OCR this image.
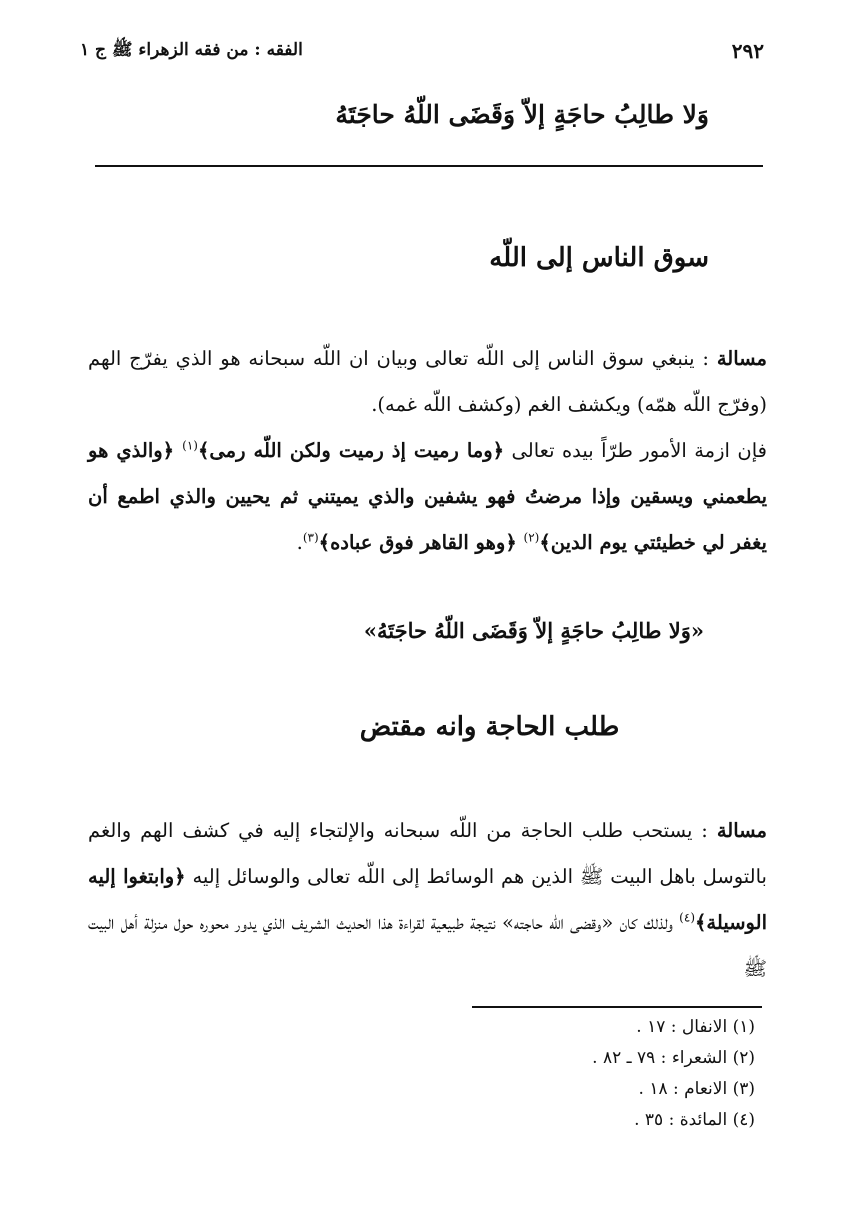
الفقه : من فقه الزهراء ﷺ ج ١	٢٩٢
وَلا طالِبُ حاجَةٍ إلاّ وَقَضَى اللّهُ حاجَتَهُ
سوق الناس إلى اللّه

مسالة : ينبغي سوق الناس إلى اللّه تعالى وبيان ان اللّه سبحانه هو الذي يفرّج الهم (وفرّج اللّه همّه) ويكشف الغم (وكشف اللّه غمه).

فإن ازمة الأمور طرّاً بيده تعالى ﴿وما رميت إذ رميت ولكن اللّه رمى﴾$^{(١)}$ ﴿والذي هو يطعمني ويسقين وإذا مرضتُ فهو يشفين والذي يميتني ثم يحيين والذي اطمع أن يغفر لي خطيئتي يوم الدين﴾$^{(٢)}$ ﴿وهو القاهر فوق عباده﴾$^{(٣)}$.

«وَلا طالِبُ حاجَةٍ إلاّ وَقَضَى اللّهُ حاجَتَهُ»
طلب الحاجة وانه مقتض

مسالة : يستحب طلب الحاجة من اللّه سبحانه والإلتجاء إليه في كشف الهم والغم بالتوسل باهل البيت ﷺ الذين هم الوسائط إلى اللّه تعالى والوسائل إليه ﴿وابتغوا إليه الوسيلة﴾$^{(٤)}$ ولذلك كان «وقضى اللّه حاجته» نتيجة طبيعية لقراءة هذا الحديث الشريف الذي يدور محوره حول منزلة أهل البيت ﷺ

(١) الانفال : ١٧ .
(٢) الشعراء : ٧٩ ـ ٨٢ .
(٣) الانعام : ١٨ .
(٤) المائدة : ٣٥ .
